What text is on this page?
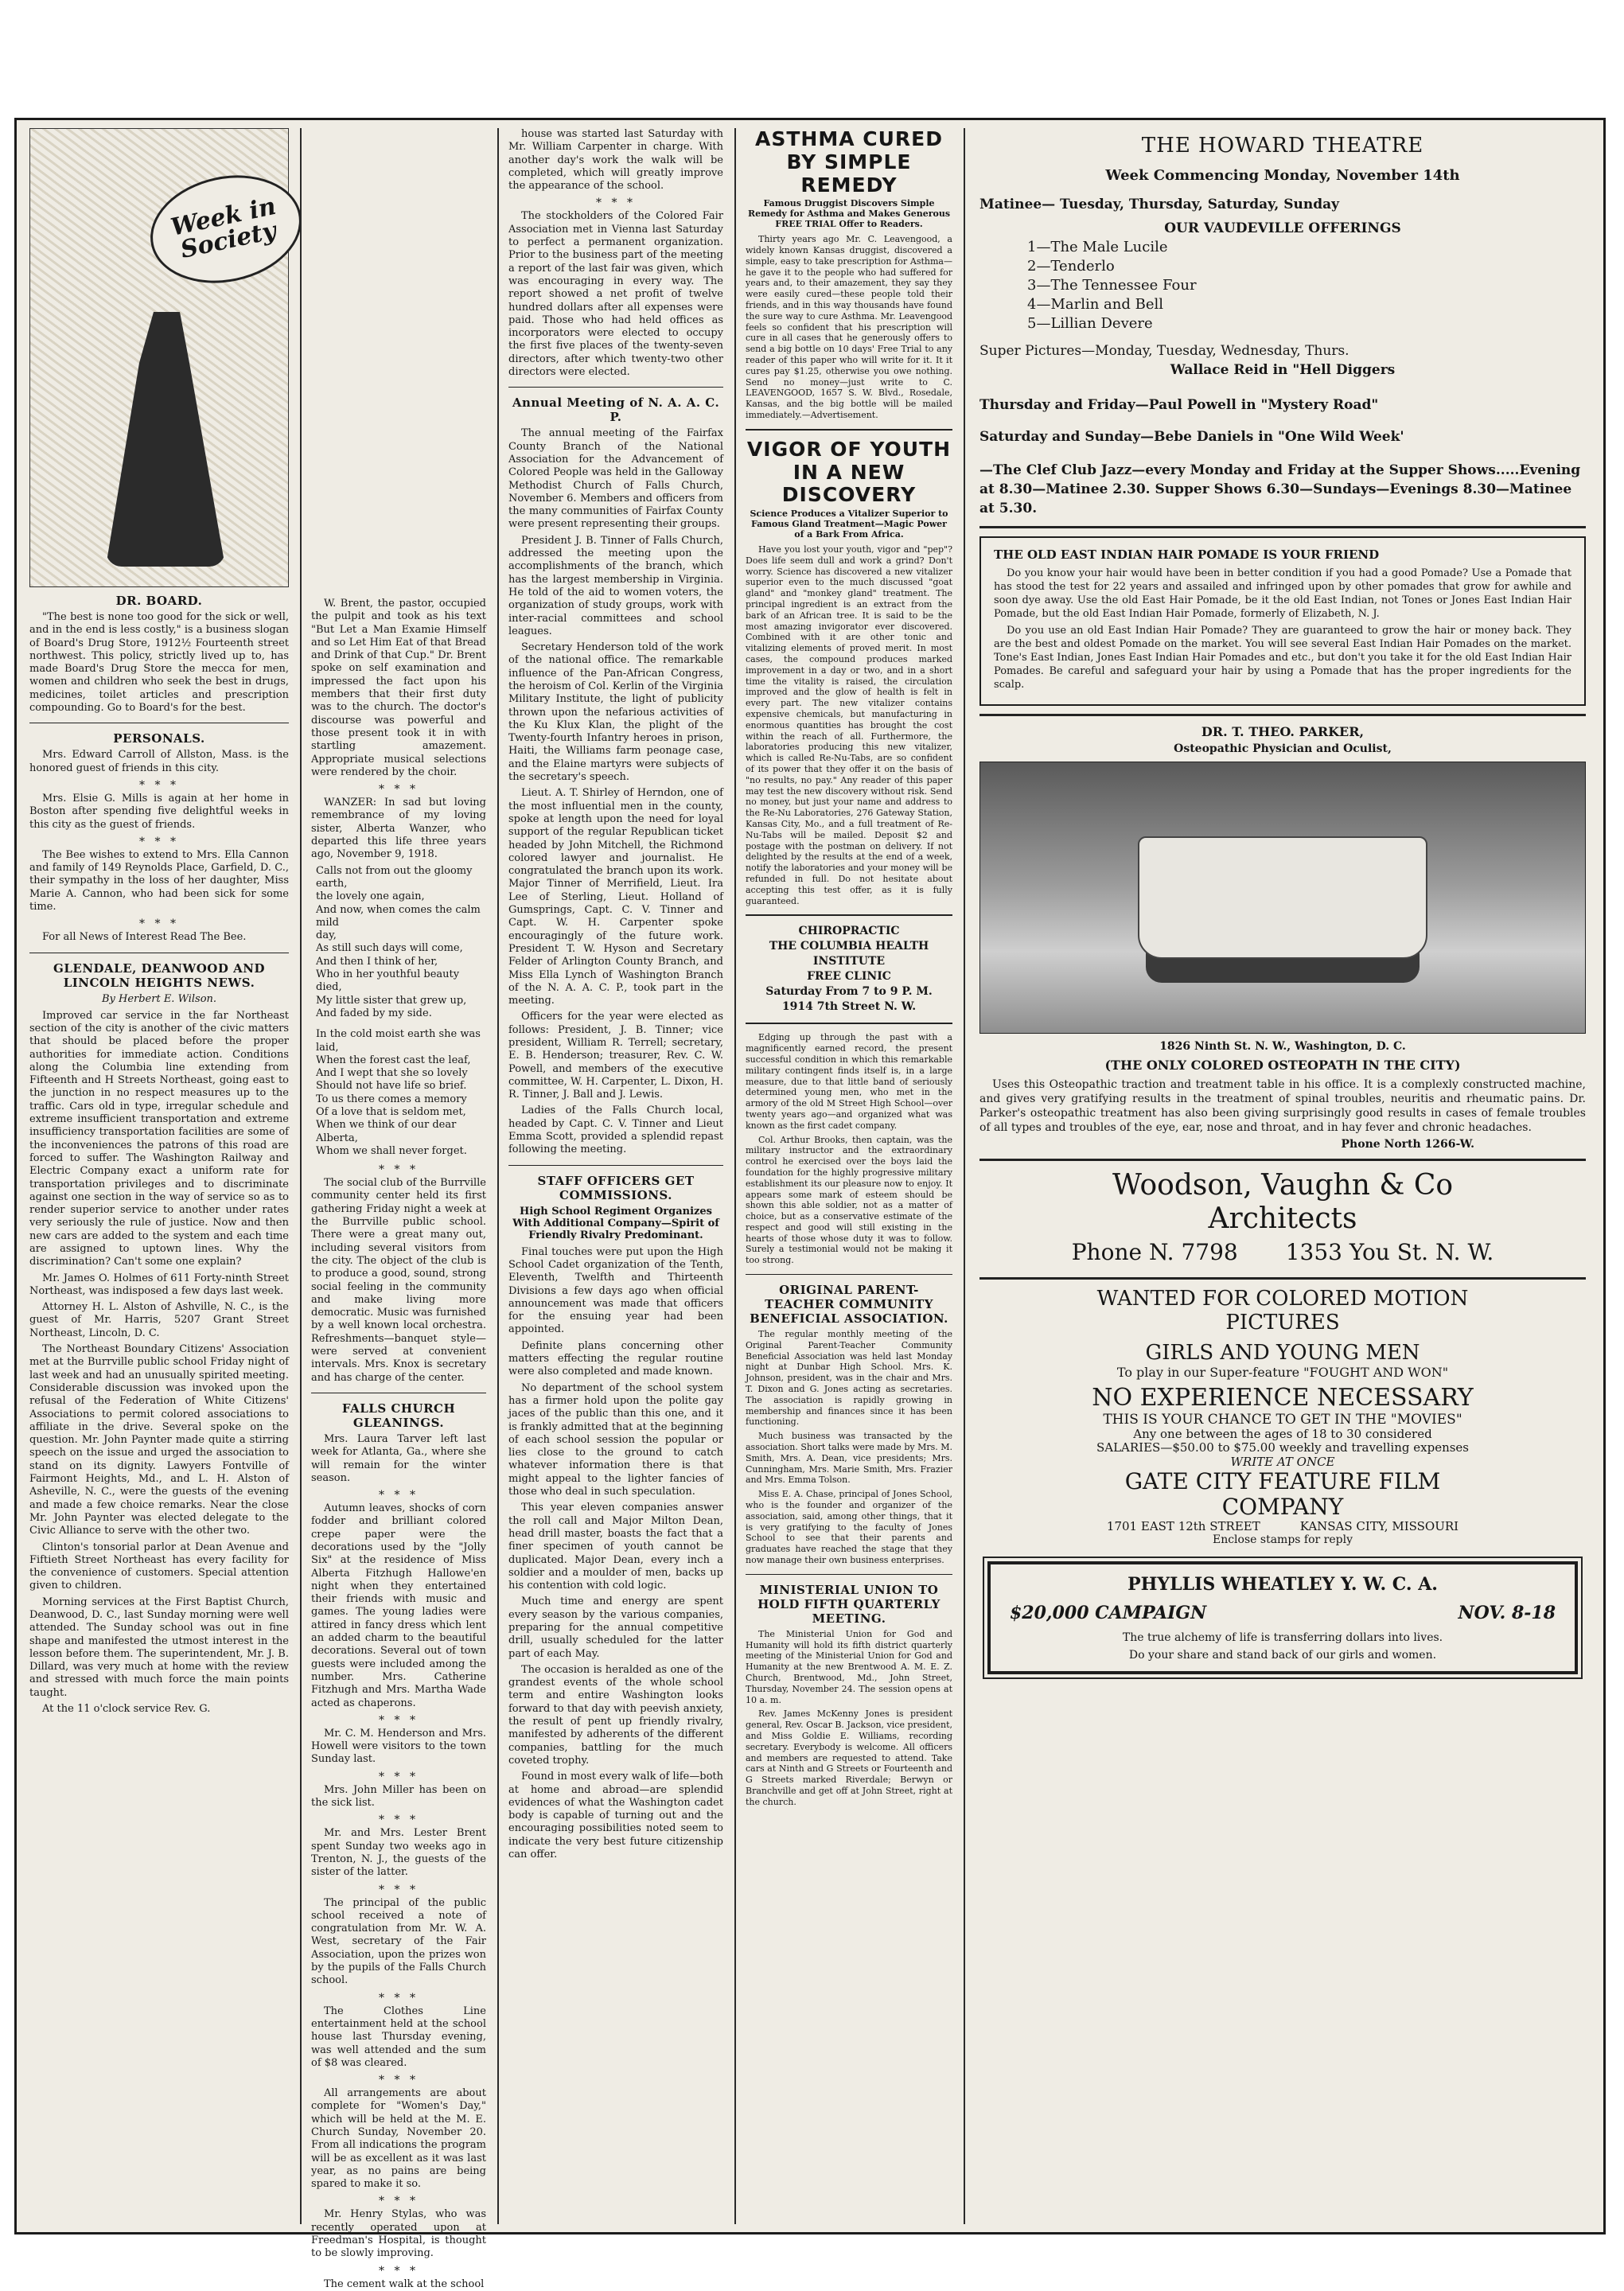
Week in Society
DR. BOARD.

"The best is none too good for the sick or well, and in the end is less costly," is a business slogan of Board's Drug Store, 1912½ Fourteenth street northwest. This policy, strictly lived up to, has made Board's Drug Store the mecca for men, women and children who seek the best in drugs, medicines, toilet articles and prescription compounding. Go to Board's for the best.

PERSONALS.

Mrs. Edward Carroll of Allston, Mass. is the honored guest of friends in this city.

* * *

Mrs. Elsie G. Mills is again at her home in Boston after spending five delightful weeks in this city as the guest of friends.

* * *

The Bee wishes to extend to Mrs. Ella Cannon and family of 149 Reynolds Place, Garfield, D. C., their sympathy in the loss of her daughter, Miss Marie A. Cannon, who had been sick for some time.

* * *

For all News of Interest Read The Bee.

GLENDALE, DEANWOOD AND LINCOLN HEIGHTS NEWS.
By Herbert E. Wilson.

Improved car service in the far Northeast section of the city is another of the civic matters that should be placed before the proper authorities for immediate action. Conditions along the Columbia line extending from Fifteenth and H Streets Northeast, going east to the junction in no respect measures up to the traffic. Cars old in type, irregular schedule and extreme insufficient transportation and extreme insufficiency transportation facilities are some of the inconveniences the patrons of this road are forced to suffer. The Washington Railway and Electric Company exact a uniform rate for transportation privileges and to discriminate against one section in the way of service so as to render superior service to another under rates very seriously the rule of justice. Now and then new cars are added to the system and each time are assigned to uptown lines. Why the discrimination? Can't some one explain?

Mr. James O. Holmes of 611 Forty-ninth Street Northeast, was indisposed a few days last week.

Attorney H. L. Alston of Ashville, N. C., is the guest of Mr. Harris, 5207 Grant Street Northeast, Lincoln, D. C.

The Northeast Boundary Citizens' Association met at the Burrville public school Friday night of last week and had an unusually spirited meeting. Considerable discussion was invoked upon the refusal of the Federation of White Citizens' Associations to permit colored associations to affiliate in the drive. Several spoke on the question. Mr. John Paynter made quite a stirring speech on the issue and urged the association to stand on its dignity. Lawyers Fontville of Fairmont Heights, Md., and L. H. Alston of Asheville, N. C., were the guests of the evening and made a few choice remarks. Near the close Mr. John Paynter was elected delegate to the Civic Alliance to serve with the other two.

Clinton's tonsorial parlor at Dean Avenue and Fiftieth Street Northeast has every facility for the convenience of customers. Special attention given to children.

Morning services at the First Baptist Church, Deanwood, D. C., last Sunday morning were well attended. The Sunday school was out in fine shape and manifested the utmost interest in the lesson before them. The superintendent, Mr. J. B. Dillard, was very much at home with the review and stressed with much force the main points taught.

At the 11 o'clock service Rev. G.

W. Brent, the pastor, occupied the pulpit and took as his text "But Let a Man Examie Himself and so Let Him Eat of that Bread and Drink of that Cup." Dr. Brent spoke on self examination and impressed the fact upon his members that their first duty was to the church. The doctor's discourse was powerful and those present took it in with startling amazement. Appropriate musical selections were rendered by the choir.

* * *

WANZER: In sad but loving remembrance of my loving sister, Alberta Wanzer, who departed this life three years ago, November 9, 1918.

Calls not from out the gloomy earth,
the lovely one again,
And now, when comes the calm mild
day,
As still such days will come,
And then I think of her,
Who in her youthful beauty died,
My little sister that grew up,
And faded by my side.
In the cold moist earth she was laid,
When the forest cast the leaf,
And I wept that she so lovely
Should not have life so brief.
To us there comes a memory
Of a love that is seldom met,
When we think of our dear Alberta,
Whom we shall never forget.
* * *

The social club of the Burrville community center held its first gathering Friday night a week at the Burrville public school. There were a great many out, including several visitors from the city. The object of the club is to produce a good, sound, strong social feeling in the community and make living more democratic. Music was furnished by a well known local orchestra. Refreshments—banquet style—were served at convenient intervals. Mrs. Knox is secretary and has charge of the center.

FALLS CHURCH GLEANINGS.

Mrs. Laura Tarver left last week for Atlanta, Ga., where she will remain for the winter season.

* * *

Autumn leaves, shocks of corn fodder and brilliant colored crepe paper were the decorations used by the "Jolly Six" at the residence of Miss Alberta Fitzhugh Hallowe'en night when they entertained their friends with music and games. The young ladies were attired in fancy dress which lent an added charm to the beautiful decorations. Several out of town guests were included among the number. Mrs. Catherine Fitzhugh and Mrs. Martha Wade acted as chaperons.

* * *

Mr. C. M. Henderson and Mrs. Howell were visitors to the town Sunday last.

* * *

Mrs. John Miller has been on the sick list.

* * *

Mr. and Mrs. Lester Brent spent Sunday two weeks ago in Trenton, N. J., the guests of the sister of the latter.

* * *

The principal of the public school received a note of congratulation from Mr. W. A. West, secretary of the Fair Association, upon the prizes won by the pupils of the Falls Church school.

* * *

The Clothes Line entertainment held at the school house last Thursday evening, was well attended and the sum of $8 was cleared.

* * *

All arrangements are about complete for "Women's Day," which will be held at the M. E. Church Sunday, November 20. From all indications the program will be as excellent as it was last year, as no pains are being spared to make it so.

* * *

Mr. Henry Stylas, who was recently operated upon at Freedman's Hospital, is thought to be slowly improving.

* * *

The cement walk at the school

house was started last Saturday with Mr. William Carpenter in charge. With another day's work the walk will be completed, which will greatly improve the appearance of the school.

* * *

The stockholders of the Colored Fair Association met in Vienna last Saturday to perfect a permanent organization. Prior to the business part of the meeting a report of the last fair was given, which was encouraging in every way. The report showed a net profit of twelve hundred dollars after all expenses were paid. Those who had held offices as incorporators were elected to occupy the first five places of the twenty-seven directors, after which twenty-two other directors were elected.

Annual Meeting of N. A. A. C. P.

The annual meeting of the Fairfax County Branch of the National Association for the Advancement of Colored People was held in the Galloway Methodist Church of Falls Church, November 6. Members and officers from the many communities of Fairfax County were present representing their groups.

President J. B. Tinner of Falls Church, addressed the meeting upon the accomplishments of the branch, which has the largest membership in Virginia. He told of the aid to women voters, the organization of study groups, work with inter-racial committees and school leagues.

Secretary Henderson told of the work of the national office. The remarkable influence of the Pan-African Congress, the heroism of Col. Kerlin of the Virginia Military Institute, the light of publicity thrown upon the nefarious activities of the Ku Klux Klan, the plight of the Twenty-fourth Infantry heroes in prison, Haiti, the Williams farm peonage case, and the Elaine martyrs were subjects of the secretary's speech.

Lieut. A. T. Shirley of Herndon, one of the most influential men in the county, spoke at length upon the need for loyal support of the regular Republican ticket headed by John Mitchell, the Richmond colored lawyer and journalist. He congratulated the branch upon its work. Major Tinner of Merrifield, Lieut. Ira Lee of Sterling, Lieut. Holland of Gumsprings, Capt. C. V. Tinner and Capt. W. H. Carpenter spoke encouragingly of the future work. President T. W. Hyson and Secretary Felder of Arlington County Branch, and Miss Ella Lynch of Washington Branch of the N. A. A. C. P., took part in the meeting.

Officers for the year were elected as follows: President, J. B. Tinner; vice president, William R. Terrell; secretary, E. B. Henderson; treasurer, Rev. C. W. Powell, and members of the executive committee, W. H. Carpenter, L. Dixon, H. R. Tinner, J. Ball and J. Lewis.

Ladies of the Falls Church local, headed by Capt. C. V. Tinner and Lieut Emma Scott, provided a splendid repast following the meeting.

STAFF OFFICERS GET COMMISSIONS.
High School Regiment Organizes With Additional Company—Spirit of Friendly Rivalry Predominant.

Final touches were put upon the High School Cadet organization of the Tenth, Eleventh, Twelfth and Thirteenth Divisions a few days ago when official announcement was made that officers for the ensuing year had been appointed.

Definite plans concerning other matters effecting the regular routine were also completed and made known.

No department of the school system has a firmer hold upon the polite gay jaces of the public than this one, and it is frankly admitted that at the beginning of each school session the popular or lies close to the ground to catch whatever information there is that might appeal to the lighter fancies of those who deal in such speculation.

This year eleven companies answer the roll call and Major Milton Dean, head drill master, boasts the fact that a finer specimen of youth cannot be duplicated. Major Dean, every inch a soldier and a moulder of men, backs up his contention with cold logic.

Much time and energy are spent every season by the various companies, preparing for the annual competitive drill, usually scheduled for the latter part of each May.

The occasion is heralded as one of the grandest events of the whole school term and entire Washington looks forward to that day with peevish anxiety, the result of pent up friendly rivalry, manifested by adherents of the different companies, battling for the much coveted trophy.

Found in most every walk of life—both at home and abroad—are splendid evidences of what the Washington cadet body is capable of turning out and the encouraging possibilities noted seem to indicate the very best future citizenship can offer.

ASTHMA CURED BY SIMPLE REMEDY
Famous Druggist Discovers Simple Remedy for Asthma and Makes Generous FREE TRIAL Offer to Readers.

Thirty years ago Mr. C. Leavengood, a widely known Kansas druggist, discovered a simple, easy to take prescription for Asthma—he gave it to the people who had suffered for years and, to their amazement, they say they were easily cured—these people told their friends, and in this way thousands have found the sure way to cure Asthma. Mr. Leavengood feels so confident that his prescription will cure in all cases that he generously offers to send a big bottle on 10 days' Free Trial to any reader of this paper who will write for it. It it cures pay $1.25, otherwise you owe nothing. Send no money—just write to C. LEAVENGOOD, 1657 S. W. Blvd., Rosedale, Kansas, and the big bottle will be mailed immediately.—Advertisement.

VIGOR OF YOUTH IN A NEW DISCOVERY
Science Produces a Vitalizer Superior to Famous Gland Treatment—Magic Power of a Bark From Africa.

Have you lost your youth, vigor and "pep"? Does life seem dull and work a grind? Don't worry. Science has discovered a new vitalizer superior even to the much discussed "goat gland" and "monkey gland" treatment. The principal ingredient is an extract from the bark of an African tree. It is said to be the most amazing invigorator ever discovered. Combined with it are other tonic and vitalizing elements of proved merit. In most cases, the compound produces marked improvement in a day or two, and in a short time the vitality is raised, the circulation improved and the glow of health is felt in every part. The new vitalizer contains expensive chemicals, but manufacturing in enormous quantities has brought the cost within the reach of all. Furthermore, the laboratories producing this new vitalizer, which is called Re-Nu-Tabs, are so confident of its power that they offer it on the basis of "no results, no pay." Any reader of this paper may test the new discovery without risk. Send no money, but just your name and address to the Re-Nu Laboratories, 276 Gateway Station, Kansas City, Mo., and a full treatment of Re-Nu-Tabs will be mailed. Deposit $2 and postage with the postman on delivery. If not delighted by the results at the end of a week, notify the laboratories and your money will be refunded in full. Do not hesitate about accepting this test offer, as it is fully guaranteed.

CHIROPRACTIC
THE COLUMBIA HEALTH INSTITUTE
FREE CLINIC
Saturday From 7 to 9 P. M.
1914 7th Street N. W.

Edging up through the past with a magnificently earned record, the present successful condition in which this remarkable military contingent finds itself is, in a large measure, due to that little band of seriously determined young men, who met in the armory of the old M Street High School—over twenty years ago—and organized what was known as the first cadet company.

Col. Arthur Brooks, then captain, was the military instructor and the extraordinary control he exercised over the boys laid the foundation for the highly progressive military establishment its our pleasure now to enjoy. It appears some mark of esteem should be shown this able soldier, not as a matter of choice, but as a conservative estimate of the respect and good will still existing in the hearts of those whose duty it was to follow. Surely a testimonial would not be making it too strong.

ORIGINAL PARENT-TEACHER COMMUNITY BENEFICIAL ASSOCIATION.

The regular monthly meeting of the Original Parent-Teacher Community Beneficial Association was held last Monday night at Dunbar High School. Mrs. K. Johnson, president, was in the chair and Mrs. T. Dixon and G. Jones acting as secretaries. The association is rapidly growing in membership and finances since it has been functioning.

Much business was transacted by the association. Short talks were made by Mrs. M. Smith, Mrs. A. Dean, vice presidents; Mrs. Cunningham, Mrs. Marie Smith, Mrs. Frazier and Mrs. Emma Tolson.

Miss E. A. Chase, principal of Jones School, who is the founder and organizer of the association, said, among other things, that it is very gratifying to the faculty of Jones School to see that their parents and graduates have reached the stage that they now manage their own business enterprises.

MINISTERIAL UNION TO HOLD FIFTH QUARTERLY MEETING.

The Ministerial Union for God and Humanity will hold its fifth district quarterly meeting of the Ministerial Union for God and Humanity at the new Brentwood A. M. E. Z. Church, Brentwood, Md., John Street, Thursday, November 24. The session opens at 10 a. m.

Rev. James McKenny Jones is president general, Rev. Oscar B. Jackson, vice president, and Miss Goldie E. Williams, recording secretary. Everybody is welcome. All officers and members are requested to attend. Take cars at Ninth and G Streets or Fourteenth and G Streets marked Riverdale; Berwyn or Branchville and get off at John Street, right at the church.

THE HOWARD THEATRE
Week Commencing Monday, November 14th
Matinee— Tuesday, Thursday, Saturday, Sunday
OUR VAUDEVILLE OFFERINGS
1—The Male Lucile
2—Tenderlo
3—The Tennessee Four
4—Marlin and Bell
5—Lillian Devere
Super Pictures—Monday, Tuesday, Wednesday, Thurs.
Wallace Reid in "Hell Diggers
Thursday and Friday—Paul Powell in "Mystery Road"
Saturday and Sunday—Bebe Daniels in "One Wild Week'
—The Clef Club Jazz—every Monday and Friday at the Supper Shows.....Evening at 8.30—Matinee 2.30. Supper Shows 6.30—Sundays—Evenings 8.30—Matinee at 5.30.
THE OLD EAST INDIAN HAIR POMADE IS YOUR FRIEND

Do you know your hair would have been in better condition if you had a good Pomade? Use a Pomade that has stood the test for 22 years and assailed and infringed upon by other pomades that grow for awhile and soon dye away. Use the old East Hair Pomade, be it the old East Indian, not Tones or Jones East Indian Hair Pomade, but the old East Indian Hair Pomade, formerly of Elizabeth, N. J.

Do you use an old East Indian Hair Pomade? They are guaranteed to grow the hair or money back. They are the best and oldest Pomade on the market. You will see several East Indian Hair Pomades on the market. Tone's East Indian, Jones East Indian Hair Pomades and etc., but don't you take it for the old East Indian Hair Pomades. Be careful and safeguard your hair by using a Pomade that has the proper ingredients for the scalp.

DR. T. THEO. PARKER,
Osteopathic Physician and Oculist,
1826 Ninth St. N. W., Washington, D. C.
(THE ONLY COLORED OSTEOPATH IN THE CITY)

Uses this Osteopathic traction and treatment table in his office. It is a complexly constructed machine, and gives very gratifying results in the treatment of spinal troubles, neuritis and rheumatic pains. Dr. Parker's osteopathic treatment has also been giving surprisingly good results in cases of female troubles of all types and troubles of the eye, ear, nose and throat, and in hay fever and chronic headaches.

Phone North 1266-W.
Woodson, Vaughn & Co
Architects
Phone N. 7798 1353 You St. N. W.
WANTED FOR COLORED MOTION
PICTURES
GIRLS AND YOUNG MEN
To play in our Super-feature "FOUGHT AND WON"
NO EXPERIENCE NECESSARY
THIS IS YOUR CHANCE TO GET IN THE "MOVIES"
Any one between the ages of 18 to 30 considered
SALARIES—$50.00 to $75.00 weekly and travelling expenses
WRITE AT ONCE
GATE CITY FEATURE FILM
COMPANY
1701 EAST 12th STREET	KANSAS CITY, MISSOURI
Enclose stamps for reply
PHYLLIS WHEATLEY Y. W. C. A.
$20,000 CAMPAIGN	NOV. 8-18
The true alchemy of life is transferring dollars into lives.
Do your share and stand back of our girls and women.
